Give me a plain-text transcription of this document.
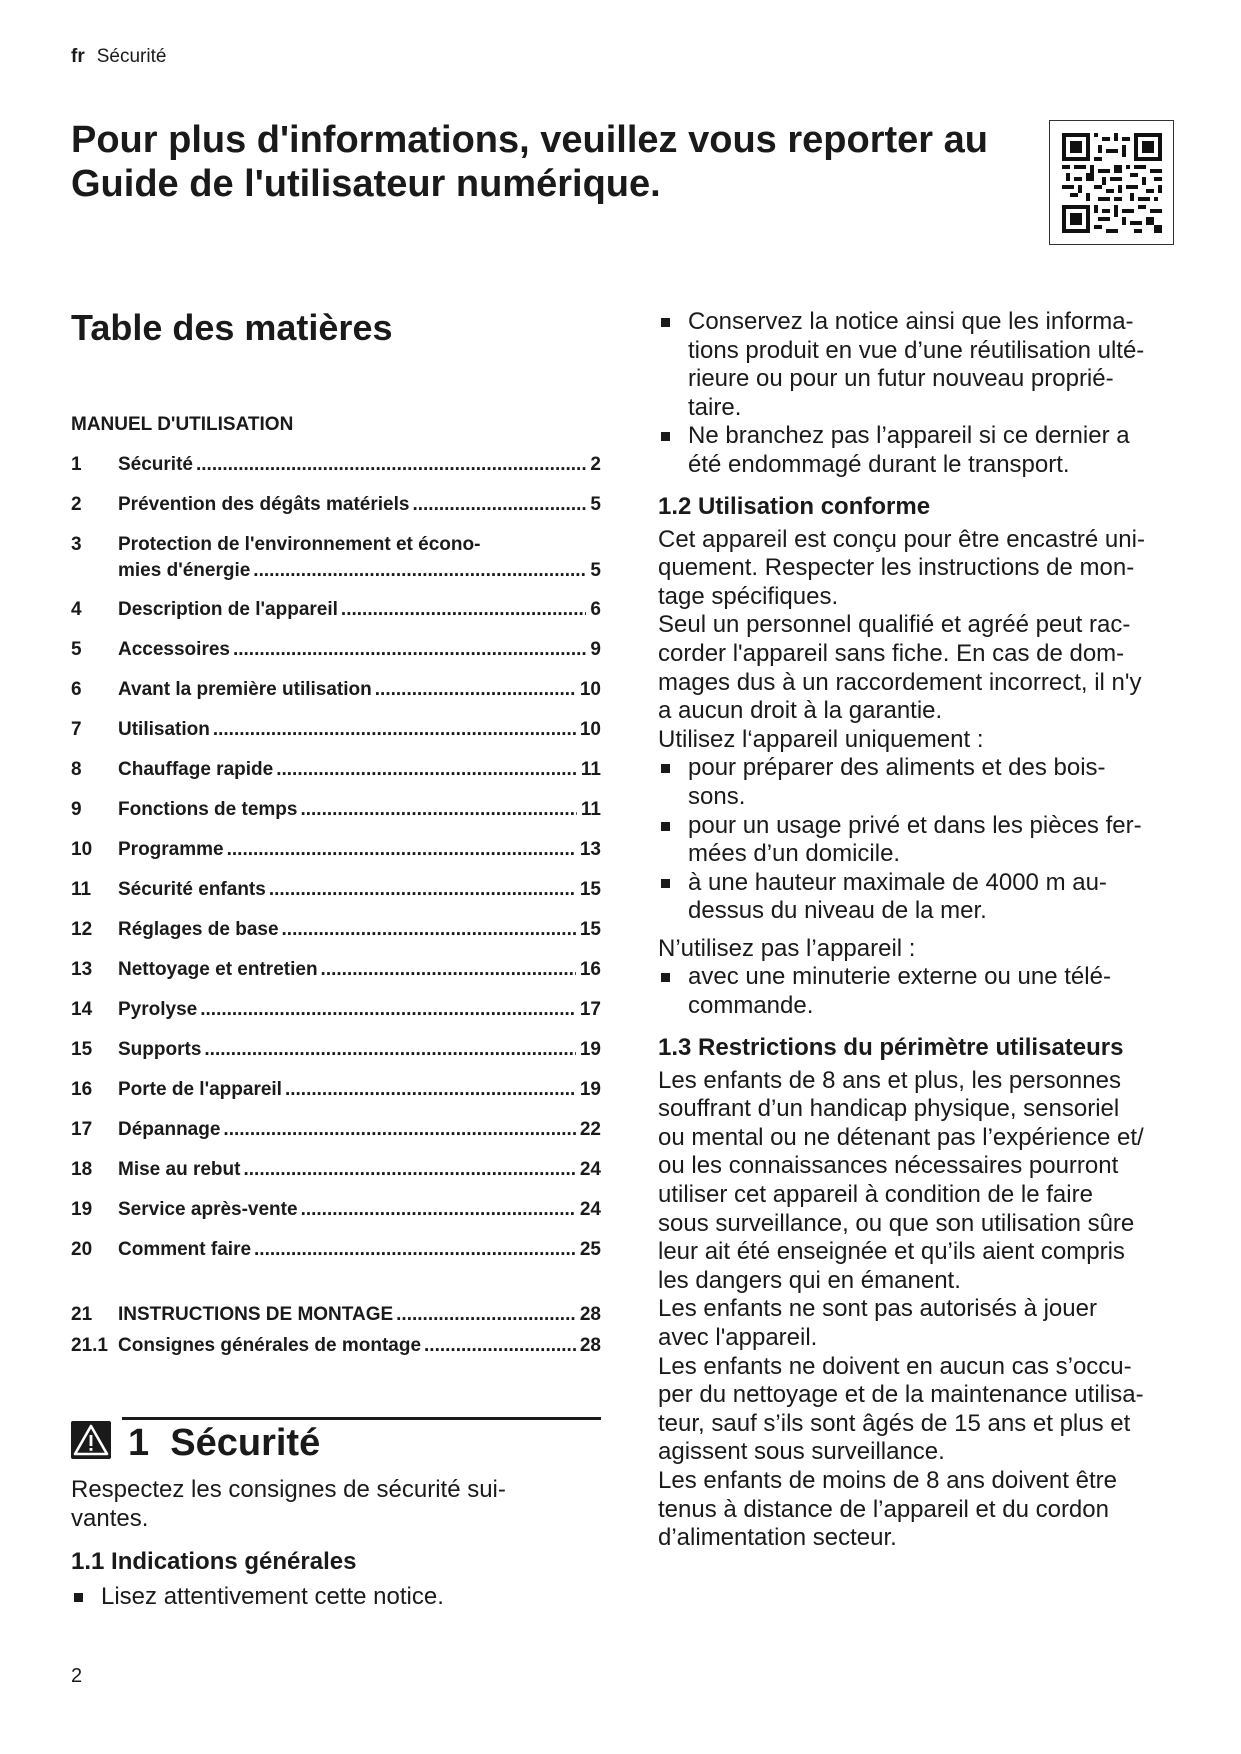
fr Sécurité
Pour plus d'informations, veuillez vous reporter au
Guide de l'utilisateur numérique.
Table des matières
MANUEL D'UTILISATION
1	Sécurité .....	2
2	Prévention des dégâts matériels .....	5
3	Protection de l'environnement et écono-
mies d'énergie .....	5
4	Description de l'appareil .....	6
5	Accessoires .....	9
6	Avant la première utilisation .....	10
7	Utilisation .....	10
8	Chauffage rapide .....	11
9	Fonctions de temps .....	11
10	Programme .....	13
11	Sécurité enfants .....	15
12	Réglages de base .....	15
13	Nettoyage et entretien .....	16
14	Pyrolyse .....	17
15	Supports .....	19
16	Porte de l'appareil .....	19
17	Dépannage .....	22
18	Mise au rebut .....	24
19	Service après-vente .....	24
20	Comment faire .....	25
21	INSTRUCTIONS DE MONTAGE .....	28
21.1 Consignes générales de montage .....	28
1 Sécurité
Respectez les consignes de sécurité sui-
vantes.
1.1 Indications générales
Lisez attentivement cette notice.
Conservez la notice ainsi que les informa-
tions produit en vue d’une réutilisation ulté-
rieure ou pour un futur nouveau proprié-
taire.
Ne branchez pas l’appareil si ce dernier a
été endommagé durant le transport.
1.2 Utilisation conforme
Cet appareil est conçu pour être encastré uni-
quement. Respecter les instructions de mon-
tage spécifiques.
Seul un personnel qualifié et agréé peut rac-
corder l'appareil sans fiche. En cas de dom-
mages dus à un raccordement incorrect, il n'y
a aucun droit à la garantie.
Utilisez l‘appareil uniquement :
pour préparer des aliments et des bois-
sons.
pour un usage privé et dans les pièces fer-
mées d’un domicile.
à une hauteur maximale de 4000 m au-
dessus du niveau de la mer.
N’utilisez pas l’appareil :
avec une minuterie externe ou une télé-
commande.
1.3 Restrictions du périmètre utilisateurs
Les enfants de 8 ans et plus, les personnes
souffrant d’un handicap physique, sensoriel
ou mental ou ne détenant pas l’expérience et/
ou les connaissances nécessaires pourront
utiliser cet appareil à condition de le faire
sous surveillance, ou que son utilisation sûre
leur ait été enseignée et qu’ils aient compris
les dangers qui en émanent.
Les enfants ne sont pas autorisés à jouer
avec l'appareil.
Les enfants ne doivent en aucun cas s’occu-
per du nettoyage et de la maintenance utilisa-
teur, sauf s’ils sont âgés de 15 ans et plus et
agissent sous surveillance.
Les enfants de moins de 8 ans doivent être
tenus à distance de l’appareil et du cordon
d’alimentation secteur.
2
